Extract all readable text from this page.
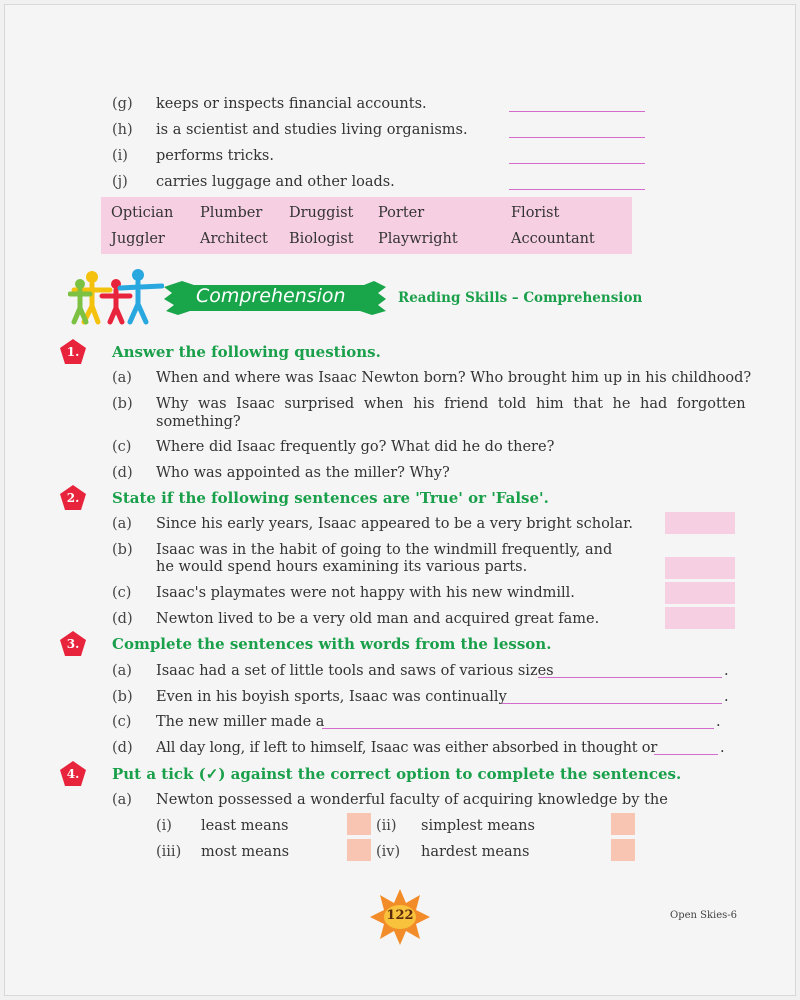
(g) keeps or inspects financial accounts.
(h) is a scientist and studies living organisms.
(i) performs tricks.
(j) carries luggage and other loads.
Optician Plumber Druggist Porter	Florist
Juggler Architect Biologist Playwright	Accountant
Comprehension	Reading Skills – Comprehension
1.	Answer the following questions.
(a) When and where was Isaac Newton born? Who brought him up in his childhood?
(b) Why was Isaac surprised when his friend told him that he had forgotten
something?
(c) Where did Isaac frequently go? What did he do there?
(d) Who was appointed as the miller? Why?
2.	State if the following sentences are 'True' or 'False'.
(a) Since his early years, Isaac appeared to be a very bright scholar.
(b) Isaac was in the habit of going to the windmill frequently, and
he would spend hours examining its various parts.
(c) Isaac's playmates were not happy with his new windmill.
(d) Newton lived to be a very old man and acquired great fame.
3.	Complete the sentences with words from the lesson.
(a) Isaac had a set of little tools and saws of various sizes	.
(b) Even in his boyish sports, Isaac was continually	.
(c) The new miller made a	.
(d) All day long, if left to himself, Isaac was either absorbed in thought or	.
4.	Put a tick (✓) against the correct option to complete the sentences.
(a) Newton possessed a wonderful faculty of acquiring knowledge by the
(i) least means	(ii) simplest means
(iii) most means	(iv) hardest means
122	Open Skies-6
